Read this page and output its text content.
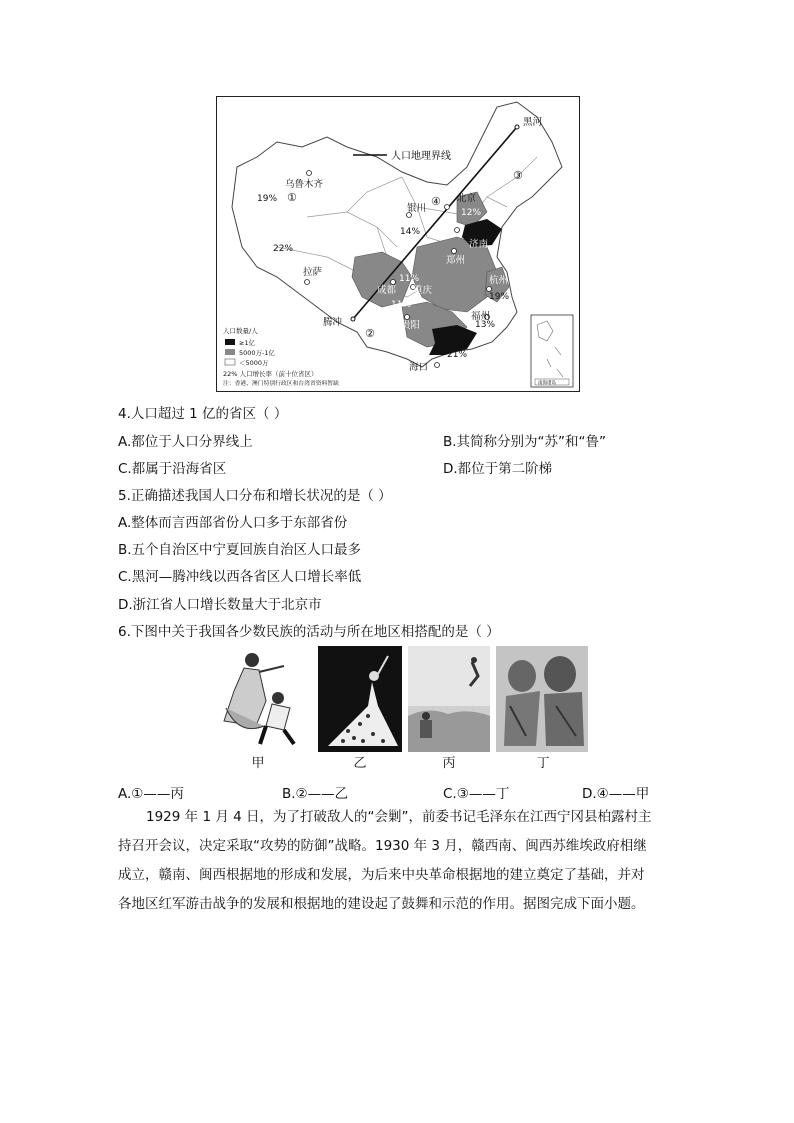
南海诸岛
人口地理界线
黑河
乌鲁木齐
北京
银川
济南
郑州
拉萨
成都 重庆
贵阳
杭州
福州
腾冲
海口
19%
22%
12%
14%
11%
11%
19%
13%
21%
①
②
③
④
人口数量/人
≥1亿
5000万-1亿
＜5000万
22% 人口增长率（前十位省区）
注：香港、澳门特别行政区和台湾省资料暂缺
4.人口超过 1 亿的省区（ ）
A.都位于人口分界线上	B.其简称分别为“苏”和“鲁”
C.都属于沿海省区	D.都位于第二阶梯
5.正确描述我国人口分布和增长状况的是（ ）
A.整体而言西部省份人口多于东部省份
B.五个自治区中宁夏回族自治区人口最多
C.黑河—腾冲线以西各省区人口增长率低
D.浙江省人口增长数量大于北京市
6.下图中关于我国各少数民族的活动与所在地区相搭配的是（ ）
甲	乙	丙	丁
A.①——丙	B.②——乙	C.③——丁	D.④——甲
1929 年 1 月 4 日，为了打破敌人的“会剿”，前委书记毛泽东在江西宁冈县柏露村主
持召开会议，决定采取“攻势的防御”战略。1930 年 3 月，赣西南、闽西苏维埃政府相继
成立，赣南、闽西根据地的形成和发展，为后来中央革命根据地的建立奠定了基础，并对
各地区红军游击战争的发展和根据地的建设起了鼓舞和示范的作用。据图完成下面小题。
